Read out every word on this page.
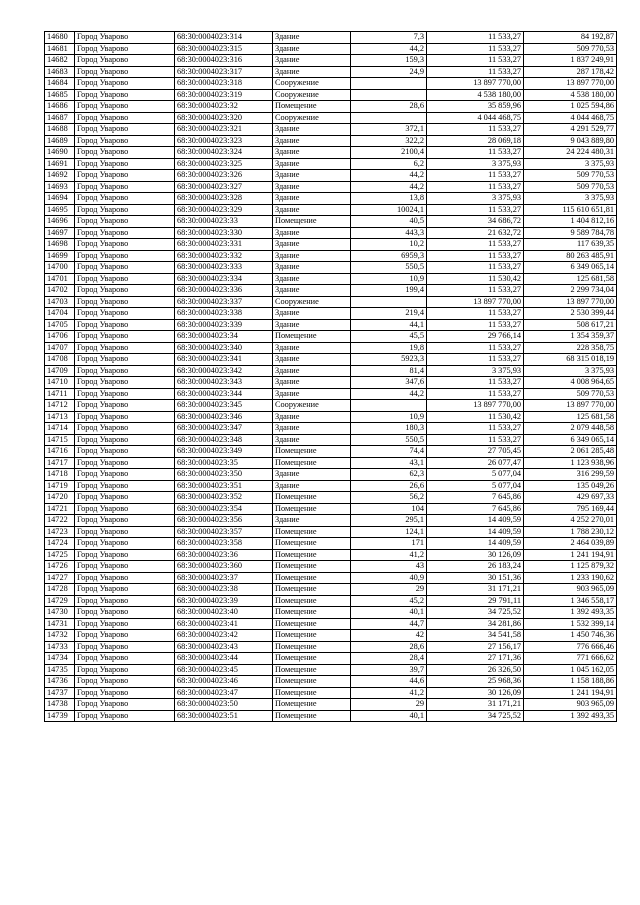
14680	Город Уварово	68:30:0004023:314	Здание	7,3	11 533,27	84 192,87
14681	Город Уварово	68:30:0004023:315	Здание	44,2	11 533,27	509 770,53
14682	Город Уварово	68:30:0004023:316	Здание	159,3	11 533,27	1 837 249,91
14683	Город Уварово	68:30:0004023:317	Здание	24,9	11 533,27	287 178,42
14684	Город Уварово	68:30:0004023:318	Сооружение		13 897 770,00	13 897 770,00
14685	Город Уварово	68:30:0004023:319	Сооружение		4 538 180,00	4 538 180,00
14686	Город Уварово	68:30:0004023:32	Помещение	28,6	35 859,96	1 025 594,86
14687	Город Уварово	68:30:0004023:320	Сооружение		4 044 468,75	4 044 468,75
14688	Город Уварово	68:30:0004023:321	Здание	372,1	11 533,27	4 291 529,77
14689	Город Уварово	68:30:0004023:323	Здание	322,2	28 069,18	9 043 889,80
14690	Город Уварово	68:30:0004023:324	Здание	2100,4	11 533,27	24 224 480,31
14691	Город Уварово	68:30:0004023:325	Здание	6,2	3 375,93	3 375,93
14692	Город Уварово	68:30:0004023:326	Здание	44,2	11 533,27	509 770,53
14693	Город Уварово	68:30:0004023:327	Здание	44,2	11 533,27	509 770,53
14694	Город Уварово	68:30:0004023:328	Здание	13,8	3 375,93	3 375,93
14695	Город Уварово	68:30:0004023:329	Здание	10024,1	11 533,27	115 610 651,81
14696	Город Уварово	68:30:0004023:33	Помещение	40,5	34 686,72	1 404 812,16
14697	Город Уварово	68:30:0004023:330	Здание	443,3	21 632,72	9 589 784,78
14698	Город Уварово	68:30:0004023:331	Здание	10,2	11 533,27	117 639,35
14699	Город Уварово	68:30:0004023:332	Здание	6959,3	11 533,27	80 263 485,91
14700	Город Уварово	68:30:0004023:333	Здание	550,5	11 533,27	6 349 065,14
14701	Город Уварово	68:30:0004023:334	Здание	10,9	11 530,42	125 681,58
14702	Город Уварово	68:30:0004023:336	Здание	199,4	11 533,27	2 299 734,04
14703	Город Уварово	68:30:0004023:337	Сооружение		13 897 770,00	13 897 770,00
14704	Город Уварово	68:30:0004023:338	Здание	219,4	11 533,27	2 530 399,44
14705	Город Уварово	68:30:0004023:339	Здание	44,1	11 533,27	508 617,21
14706	Город Уварово	68:30:0004023:34	Помещение	45,5	29 766,14	1 354 359,37
14707	Город Уварово	68:30:0004023:340	Здание	19,8	11 533,27	228 358,75
14708	Город Уварово	68:30:0004023:341	Здание	5923,3	11 533,27	68 315 018,19
14709	Город Уварово	68:30:0004023:342	Здание	81,4	3 375,93	3 375,93
14710	Город Уварово	68:30:0004023:343	Здание	347,6	11 533,27	4 008 964,65
14711	Город Уварово	68:30:0004023:344	Здание	44,2	11 533,27	509 770,53
14712	Город Уварово	68:30:0004023:345	Сооружение		13 897 770,00	13 897 770,00
14713	Город Уварово	68:30:0004023:346	Здание	10,9	11 530,42	125 681,58
14714	Город Уварово	68:30:0004023:347	Здание	180,3	11 533,27	2 079 448,58
14715	Город Уварово	68:30:0004023:348	Здание	550,5	11 533,27	6 349 065,14
14716	Город Уварово	68:30:0004023:349	Помещение	74,4	27 705,45	2 061 285,48
14717	Город Уварово	68:30:0004023:35	Помещение	43,1	26 077,47	1 123 938,96
14718	Город Уварово	68:30:0004023:350	Здание	62,3	5 077,04	316 299,59
14719	Город Уварово	68:30:0004023:351	Здание	26,6	5 077,04	135 049,26
14720	Город Уварово	68:30:0004023:352	Помещение	56,2	7 645,86	429 697,33
14721	Город Уварово	68:30:0004023:354	Помещение	104	7 645,86	795 169,44
14722	Город Уварово	68:30:0004023:356	Здание	295,1	14 409,59	4 252 270,01
14723	Город Уварово	68:30:0004023:357	Помещение	124,1	14 409,59	1 788 230,12
14724	Город Уварово	68:30:0004023:358	Помещение	171	14 409,59	2 464 039,89
14725	Город Уварово	68:30:0004023:36	Помещение	41,2	30 126,09	1 241 194,91
14726	Город Уварово	68:30:0004023:360	Помещение	43	26 183,24	1 125 879,32
14727	Город Уварово	68:30:0004023:37	Помещение	40,9	30 151,36	1 233 190,62
14728	Город Уварово	68:30:0004023:38	Помещение	29	31 171,21	903 965,09
14729	Город Уварово	68:30:0004023:39	Помещение	45,2	29 791,11	1 346 558,17
14730	Город Уварово	68:30:0004023:40	Помещение	40,1	34 725,52	1 392 493,35
14731	Город Уварово	68:30:0004023:41	Помещение	44,7	34 281,86	1 532 399,14
14732	Город Уварово	68:30:0004023:42	Помещение	42	34 541,58	1 450 746,36
14733	Город Уварово	68:30:0004023:43	Помещение	28,6	27 156,17	776 666,46
14734	Город Уварово	68:30:0004023:44	Помещение	28,4	27 171,36	771 666,62
14735	Город Уварово	68:30:0004023:45	Помещение	39,7	26 326,50	1 045 162,05
14736	Город Уварово	68:30:0004023:46	Помещение	44,6	25 968,36	1 158 188,86
14737	Город Уварово	68:30:0004023:47	Помещение	41,2	30 126,09	1 241 194,91
14738	Город Уварово	68:30:0004023:50	Помещение	29	31 171,21	903 965,09
14739	Город Уварово	68:30:0004023:51	Помещение	40,1	34 725,52	1 392 493,35
